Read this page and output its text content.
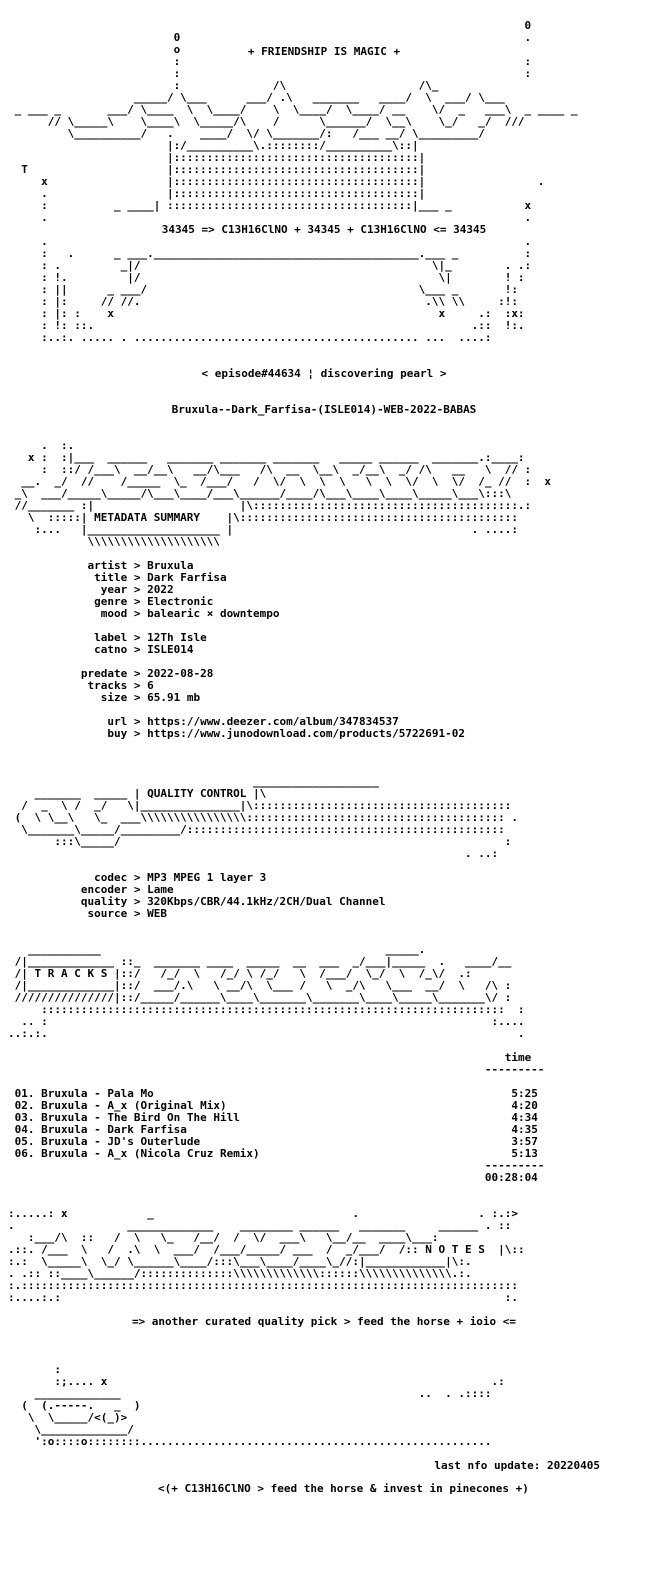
+ FRIENDSHIP IS MAGIC +

0
0                                                    .
o
:                                                    :
:                                                    :
:              /\                    /\_
_____/ \___      ___/ .\   _______   ____/  \  ___/ \___
_ ___ _       ___/ \____  \  \____/    \  \____/  \____/ __    \/  _   ___\  _ ____ _
// \_____\    \____\  \_____/\    /      \______/  \__\    \_/   _/  ///
\__________/   .    ____/  \/ \_______/:   /___ __/ \_________/
|:/__________\.::::::::/__________\::|
|:::::::::::::::::::::::::::::::::::::|
T                     |:::::::::::::::::::::::::::::::::::::|
x                  |:::::::::::::::::::::::::::::::::::::|                 .
.                  |:::::::::::::::::::::::::::::::::::::|
:          _ ____| :::::::::::::::::::::::::::::::::::::|___ _           x
.                                                                        .
34345 => C13H16ClNO + 34345 + C13H16ClNO <= 34345
.                                                                        .
:   .      _ ___.________________________________________.___ _          :
: .         _|/                                            \|_        . .:
: !.         |/                                             \|        ! :
: ||      _ ___/                                         \___ _       !:
: |:     // //.                                           .\\ \\     :!:
: |: :    x                                                 x     .:  :x:
: !: ::.                                                         .::  !:.
:..:. ..... . ........................................... ...  ....:

< episode#44634 ¦ discovering pearl >

Bruxula--Dark_Farfisa-(ISLE014)-WEB-2022-BABAS

.  :.
x :  :|___  ______   _______ _______ _______   _____ ______  _______.:____:
:  ::/ /___\  __/__\   __/\___   /\  __  \__\  _/__\  _/ /\   __   \  // :
__.  _/  //    /_____  \_  /___/   /  \/  \  \  \   \  \  \/  \  \/  /_ //  :  x
_\  ___/_____\_____/\___\____/___\______/____/\___\____\____\_____\___\:::\
//_______ :|                      |\::::::::::::::::::::::::::::::::::::::::.:
\  :::::| METADATA SUMMARY    |\::::::::::::::::::::::::::::::::::::::::::
:...   |____________________ |                                    . ....:
\\\\\\\\\\\\\\\\\\\\

artist > Bruxula
title > Dark Farfisa
year > 2022
genre > Electronic
mood > balearic × downtempo

label > 12Th Isle
catno > ISLE014

predate > 2022-08-28
tracks > 6
size > 65.91 mb

url > https://www.deezer.com/album/347834537
buy > https://www.junodownload.com/products/5722691-02

___________________
_______  _____ | QUALITY CONTROL |\
/  _  \ /  _/   \|_______________|\:::::::::::::::::::::::::::::::::::::::
(  \ \__\   \_  ___\\\\\\\\\\\\\\\\::::::::::::::::::::::::::::::::::::::: .
\_______\_____/_________/::::::::::::::::::::::::::::::::::::::::::::::::
:::\_____/                                                          :
. ..:

codec > MP3 MPEG 1 layer 3
encoder > Lame
quality > 320Kbps/CBR/44.1kHz/2CH/Dual Channel
source > WEB

___________                                           _____.
/|_____________ ::_  _______ ____  _____  __  ___  _/___|_____  .   ____/__
/| T R A C K S |::/   /_/  \   /_/ \ /_/   \  /___/  \_/  \  /_\/  .:
/|_____________|::/  ___/.\   \ __/\  \___ /   \  _/\   \___  __/  \   /\ :
///////////////|::/_____/______\____\_______\_______\____\_____\_______\/ :
::::::::::::::::::::::::::::::::::::::::::::::::::::::::::::::::::::::  :
.. :                                                                   :....
..:.:.                                                                       .

time
---------

01. Bruxula - Pala Mo	5:25
02. Bruxula - A_x (Original Mix)	4:20
03. Bruxula - The Bird On The Hill	4:34
04. Bruxula - Dark Farfisa	4:35
05. Bruxula - JD's Outerlude	3:57
06. Bruxula - A_x (Nicola Cruz Remix)	5:13
---------
00:28:04

:.....: x            _                              .                  . :.:>
.                 _____________    ________ ______   _______     ______ . ::
:___/\  ::   /  \   \_   /__/  /  \/  ___\   \__/__  ____\___:
.::. /___  \   /  .\  \  ___/  /___/_____/ ___  /  _/___/  /:: N O T E S  |\::
:.:  \_____\  \_/ \______\____/:::\___\____/____\_//:|____________|\:.
. .:: ::____\______/::::::::::::::\\\\\\\\\\\\\::::::\\\\\\\\\\\\\\.:.
:.:::::::::::::::::::::::::::::::::::::::::::::::::::::::::::::::::::::::::::
:....:.:                                                                   :.

=> another curated quality pick > feed the horse + ioio <=

:
:;.... x                                                          .:
_____________                                             ..  . .::::
(  (.-----.   _  )
\  \_____/<(_)>
\_____________/
':o::::o::::::::.....................................................
<(+ C13H16ClNO > feed the horse & invest in pinecones +)

last nfo update: 20220405
